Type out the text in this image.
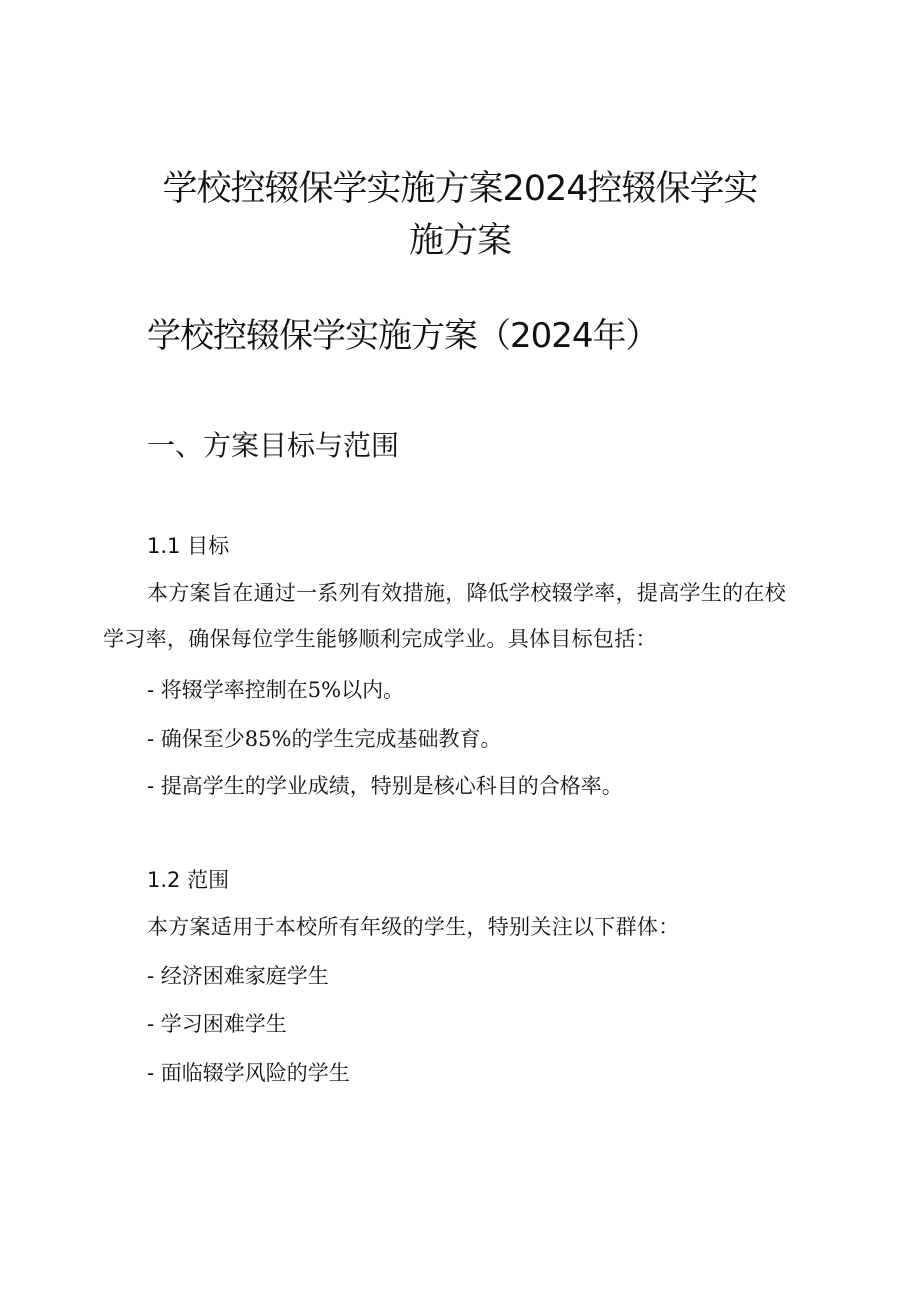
学校控辍保学实施方案2024控辍保学实施方案
学校控辍保学实施方案（2024年）
一、方案目标与范围
1.1 目标

本方案旨在通过一系列有效措施，降低学校辍学率，提高学生的在校学习率，确保每位学生能够顺利完成学业。具体目标包括：

- 将辍学率控制在5%以内。

- 确保至少85%的学生完成基础教育。

- 提高学生的学业成绩，特别是核心科目的合格率。

1.2 范围

本方案适用于本校所有年级的学生，特别关注以下群体：

- 经济困难家庭学生

- 学习困难学生

- 面临辍学风险的学生
